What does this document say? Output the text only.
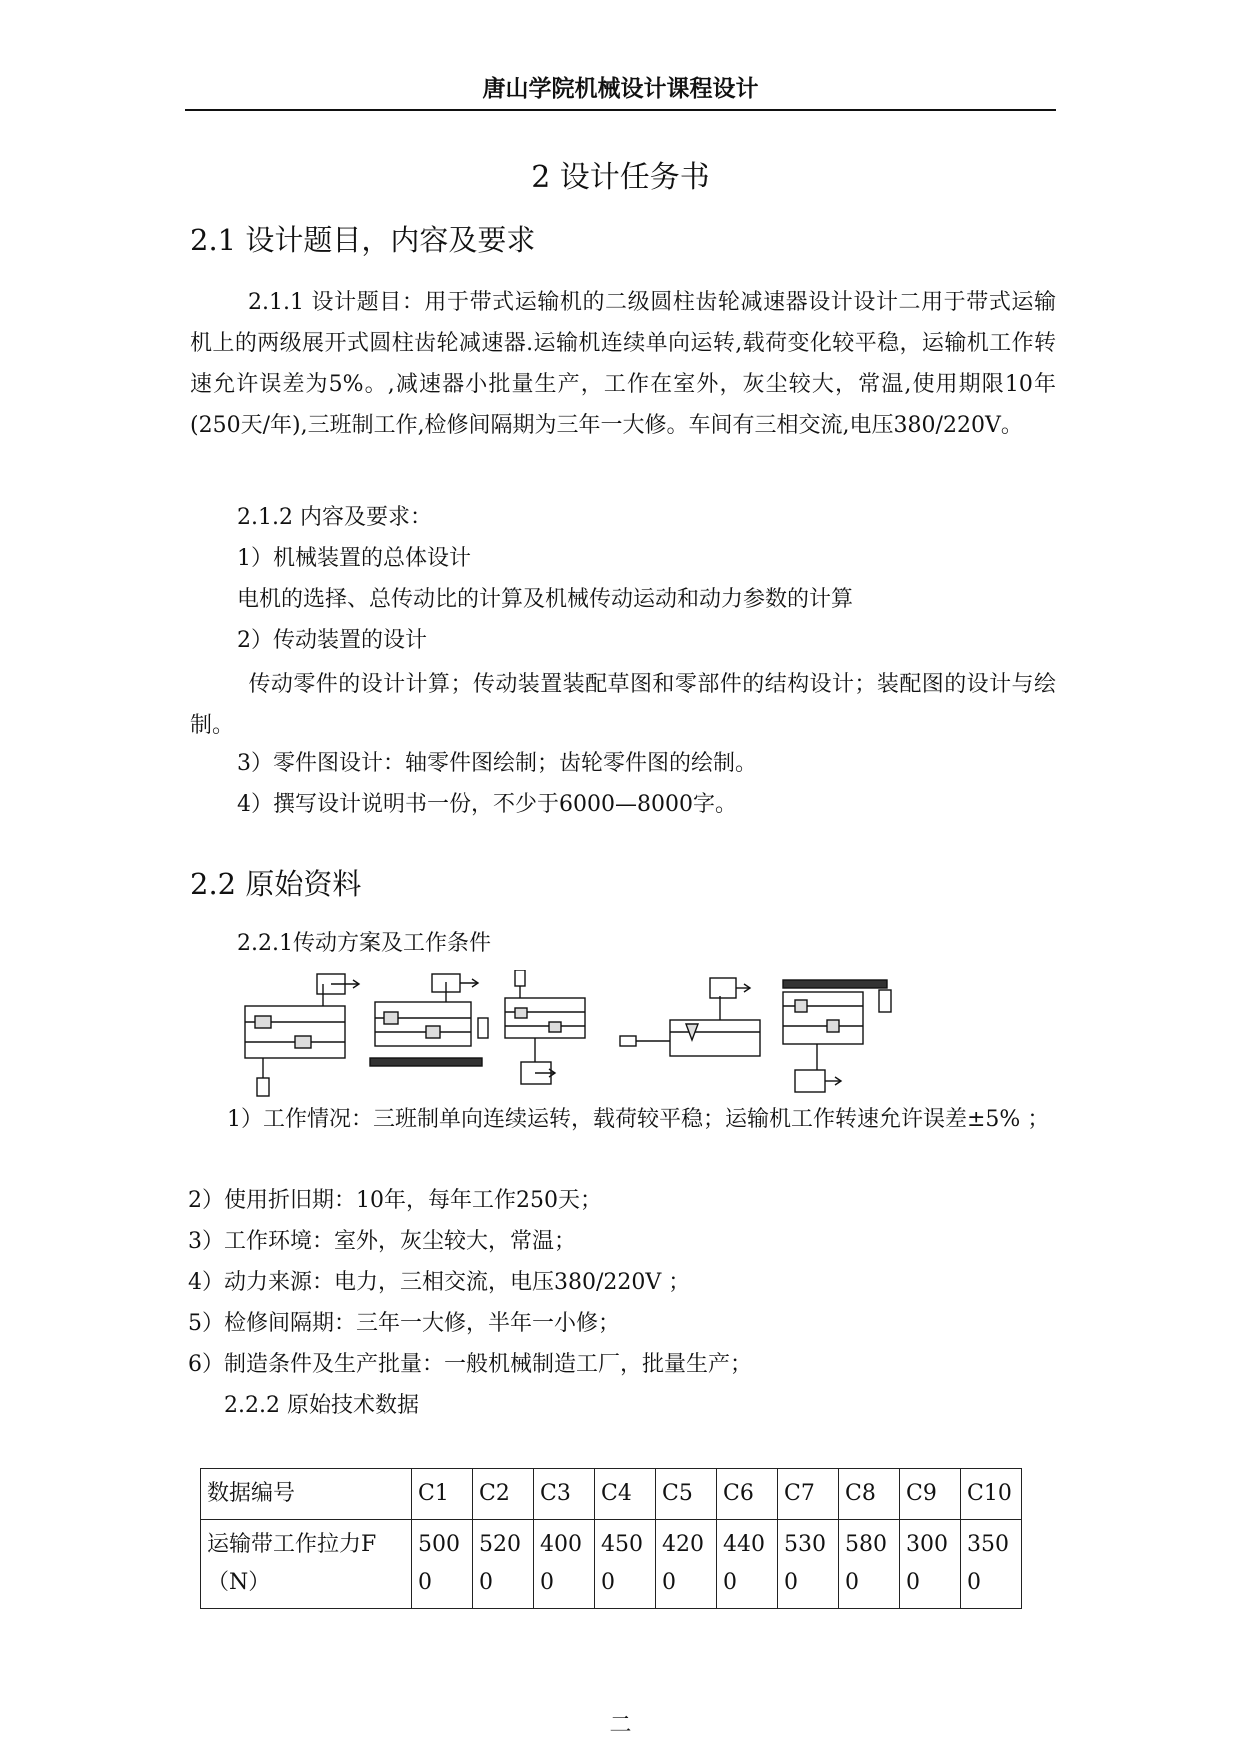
唐山学院机械设计课程设计
2 设计任务书
2.1 设计题目，内容及要求
2.1.1 设计题目：用于带式运输机的二级圆柱齿轮减速器设计设计二用于带式运输机上的两级展开式圆柱齿轮减速器.运输机连续单向运转,载荷变化较平稳，运输机工作转速允许误差为5%。,减速器小批量生产，工作在室外，灰尘较大，常温,使用期限10年(250天/年),三班制工作,检修间隔期为三年一大修。车间有三相交流,电压380/220V。
2.1.2 内容及要求：
1）机械装置的总体设计
电机的选择、总传动比的计算及机械传动运动和动力参数的计算
2）传动装置的设计
传动零件的设计计算；传动装置装配草图和零部件的结构设计；装配图的设计与绘制。
3）零件图设计：轴零件图绘制；齿轮零件图的绘制。
4）撰写设计说明书一份，不少于6000—8000字。
2.2 原始资料
2.2.1传动方案及工作条件
1）工作情况：三班制单向连续运转，载荷较平稳；运输机工作转速允许误差±5% ；
2）使用折旧期：10年，每年工作250天；
3）工作环境：室外，灰尘较大，常温；
4）动力来源：电力，三相交流，电压380/220V ；
5）检修间隔期：三年一大修，半年一小修；
6）制造条件及生产批量：一般机械制造工厂，批量生产；
2.2.2 原始技术数据
数据编号	C1	C2	C3	C4	C5	C6	C7	C8	C9	C10
运输带工作拉力F（N）	5000	5200	4000	4500	4200	4400	5300	5800	3000	3500
二
